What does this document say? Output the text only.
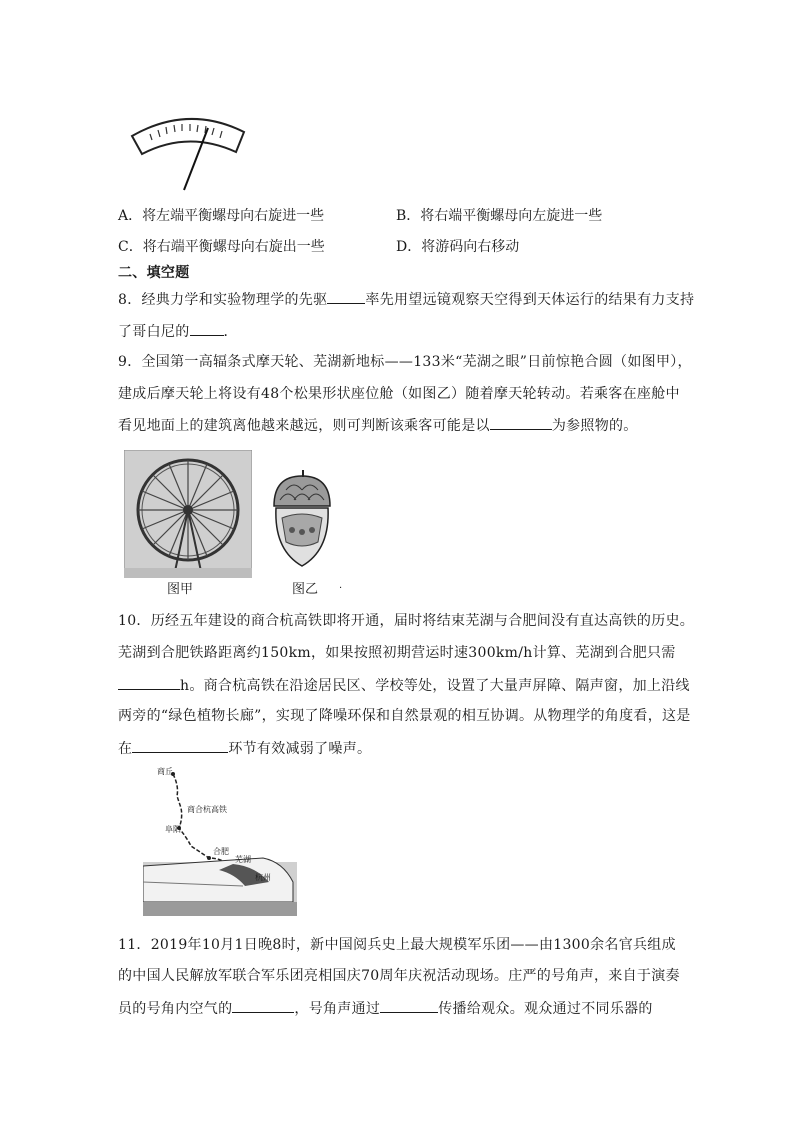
A．将左端平衡螺母向右旋进一些	B．将右端平衡螺母向左旋进一些
C．将右端平衡螺母向右旋出一些	D．将游码向右移动
二、填空题
8．经典力学和实验物理学的先驱	率先用望远镜观察天空得到天体运行的结果有力支持
了哥白尼的 ．
9．全国第一高辐条式摩天轮、芜湖新地标——133米“芜湖之眼”日前惊艳合圆（如图甲），
建成后摩天轮上将设有48个松果形状座位舱（如图乙）随着摩天轮转动。若乘客在座舱中
看见地面上的建筑离他越来越远，则可判断该乘客可能是以	为参照物的。
图甲	图乙 .
10．历经五年建设的商合杭高铁即将开通，届时将结束芜湖与合肥间没有直达高铁的历史。
芜湖到合肥铁路距离约150km，如果按照初期营运时速300km/h计算、芜湖到合肥只需
h。商合杭高铁在沿途居民区、学校等处，设置了大量声屏障、隔声窗，加上沿线
两旁的“绿色植物长廊”，实现了降噪环保和自然景观的相互协调。从物理学的角度看，这是
在	环节有效减弱了噪声。
商丘
商合杭高铁
阜阳
合肥
芜湖
杭州
11．2019年10月1日晚8时，新中国阅兵史上最大规模军乐团——由1300余名官兵组成
的中国人民解放军联合军乐团亮相国庆70周年庆祝活动现场。庄严的号角声，来自于演奏
员的号角内空气的	，号角声通过	传播给观众。观众通过不同乐器的
